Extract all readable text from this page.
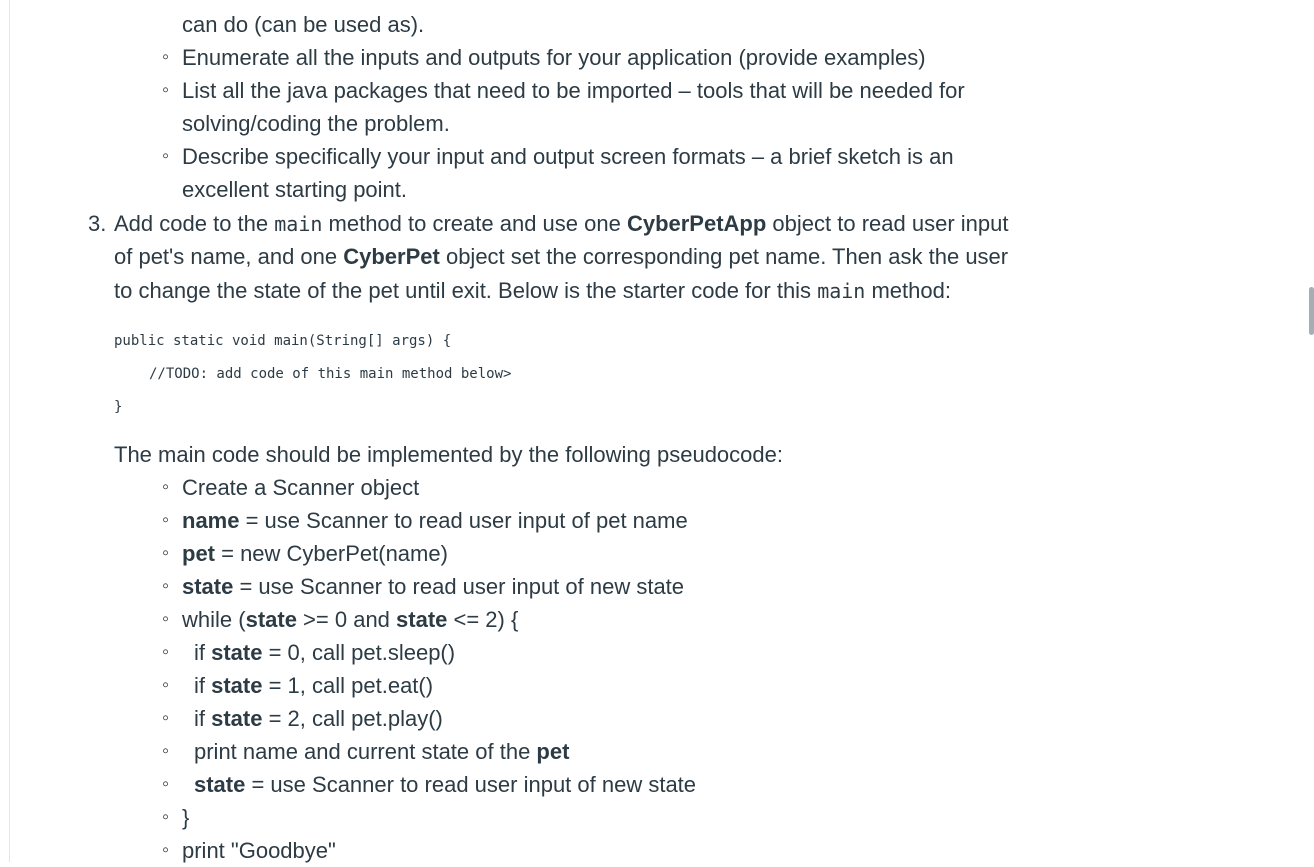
can do (can be used as).
◦ Enumerate all the inputs and outputs for your application (provide examples)
◦ List all the java packages that need to be imported – tools that will be needed for
solving/coding the problem.
◦ Describe specifically your input and output screen formats – a brief sketch is an
excellent starting point.
3. Add code to the main method to create and use one CyberPetApp object to read user input
of pet's name, and one CyberPet object set the corresponding pet name. Then ask the user
to change the state of the pet until exit. Below is the starter code for this main method:
public static void main(String[] args) {
//TODO: add code of this main method below>
}
The main code should be implemented by the following pseudocode:
◦ Create a Scanner object
◦ name = use Scanner to read user input of pet name
◦ pet = new CyberPet(name)
◦ state = use Scanner to read user input of new state
◦ while (state >= 0 and state <= 2) {
◦ if state = 0, call pet.sleep()
◦ if state = 1, call pet.eat()
◦ if state = 2, call pet.play()
◦ print name and current state of the pet
◦ state = use Scanner to read user input of new state
◦ }
◦ print "Goodbye"
